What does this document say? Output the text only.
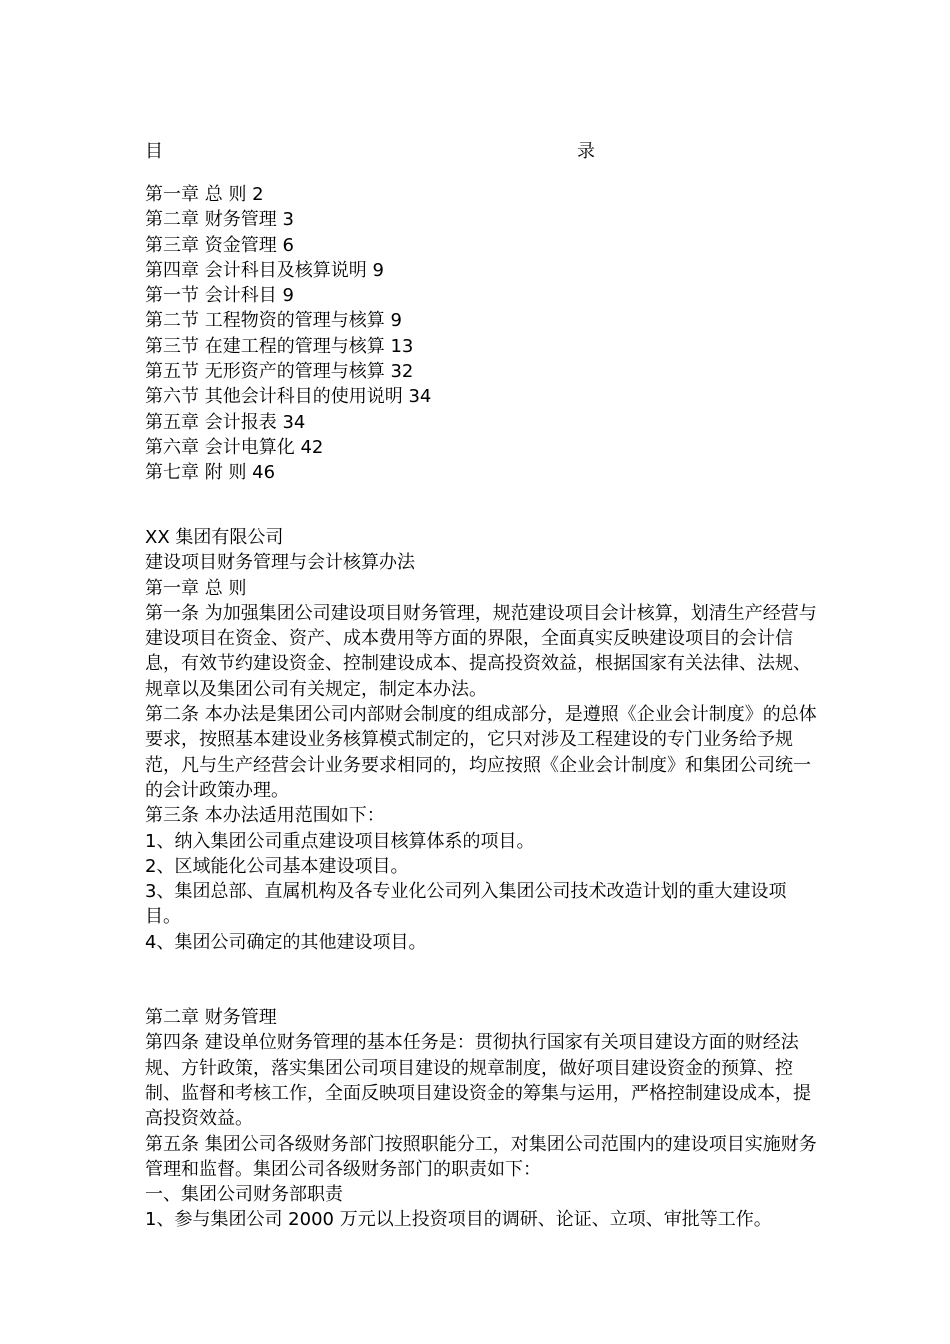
目	录
第一章 总 则 2
第二章 财务管理 3
第三章 资金管理 6
第四章 会计科目及核算说明 9
第一节 会计科目 9
第二节 工程物资的管理与核算 9
第三节 在建工程的管理与核算 13
第五节 无形资产的管理与核算 32
第六节 其他会计科目的使用说明 34
第五章 会计报表 34
第六章 会计电算化 42
第七章 附 则 46

XX 集团有限公司

建设项目财务管理与会计核算办法

第一章 总 则

第一条 为加强集团公司建设项目财务管理，规范建设项目会计核算，划清生产经营与建设项目在资金、资产、成本费用等方面的界限，全面真实反映建设项目的会计信息，有效节约建设资金、控制建设成本、提高投资效益，根据国家有关法律、法规、规章以及集团公司有关规定，制定本办法。

第二条 本办法是集团公司内部财会制度的组成部分，是遵照《企业会计制度》的总体要求，按照基本建设业务核算模式制定的，它只对涉及工程建设的专门业务给予规范，凡与生产经营会计业务要求相同的，均应按照《企业会计制度》和集团公司统一的会计政策办理。

第三条 本办法适用范围如下：

1、纳入集团公司重点建设项目核算体系的项目。

2、区域能化公司基本建设项目。

3、集团总部、直属机构及各专业化公司列入集团公司技术改造计划的重大建设项目。

4、集团公司确定的其他建设项目。

第二章 财务管理

第四条 建设单位财务管理的基本任务是：贯彻执行国家有关项目建设方面的财经法规、方针政策，落实集团公司项目建设的规章制度，做好项目建设资金的预算、控制、监督和考核工作，全面反映项目建设资金的筹集与运用，严格控制建设成本，提高投资效益。

第五条 集团公司各级财务部门按照职能分工，对集团公司范围内的建设项目实施财务管理和监督。集团公司各级财务部门的职责如下：

一、集团公司财务部职责

1、参与集团公司 2000 万元以上投资项目的调研、论证、立项、审批等工作。
